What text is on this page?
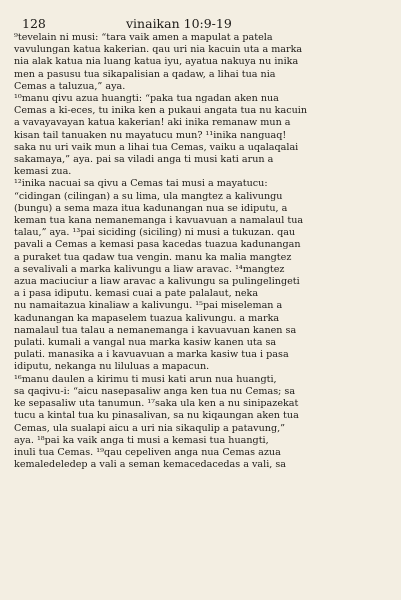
128	vinaikan 10:9-19

⁹tevelain ni musi: “tara vaik amen a mapulat a patela

vavulungan katua kakerian. qau uri nia kacuin uta a marka

nia alak katua nia luang katua iyu, ayatua nakuya nu inika

men a pasusu tua sikapalisian a qadaw, a lihai tua nia

Cemas a taluzua,” aya.

¹⁰manu qivu azua huangti: “paka tua ngadan aken nua

Cemas a ki-eces, tu inika ken a pukaui angata tua nu kacuin

a vavayavayan katua kakerian! aki inika remanaw mun a

kisan tail tanuaken nu mayatucu mun? ¹¹inika nanguaq!

saka nu uri vaik mun a lihai tua Cemas, vaiku a uqalaqalai

sakamaya,” aya. pai sa viladi anga ti musi kati arun a

kemasi zua.

¹²inika nacuai sa qivu a Cemas tai musi a mayatucu:

“cidingan (cilingan) a su lima, ula mangtez a kalivungu

(bungu) a sema maza itua kadunangan nua se idiputu, a

keman tua kana nemanemanga i kavuavuan a namalaul tua

talau,” aya. ¹³pai siciding (siciling) ni musi a tukuzan. qau

pavali a Cemas a kemasi pasa kacedas tuazua kadunangan

a puraket tua qadaw tua vengin. manu ka malia mangtez

a sevalivali a marka kalivungu a liaw aravac. ¹⁴mangtez

azua maciuciur a liaw aravac a kalivungu sa pulingelingeti

a i pasa idiputu. kemasi cuai a pate palalaut, neka

nu namaitazua kinaliaw a kalivungu. ¹⁵pai miseleman a

kadunangan ka mapaselem tuazua kalivungu. a marka

namalaul tua talau a nemanemanga i kavuavuan kanen sa

pulati. kumali a vangal nua marka kasiw kanen uta sa

pulati. manasika a i kavuavuan a marka kasiw tua i pasa

idiputu, nekanga nu liluluas a mapacun.

¹⁶manu daulen a kirimu ti musi kati arun nua huangti,

sa qaqivu-i: “aicu nasepasaliw anga ken tua nu Cemas; sa

ke sepasaliw uta tanumun. ¹⁷saka ula ken a nu sinipazekat

tucu a kintal tua ku pinasalivan, sa nu kiqaungan aken tua

Cemas, ula sualapi aicu a uri nia sikaqulip a patavung,”

aya. ¹⁸pai ka vaik anga ti musi a kemasi tua huangti,

inuli tua Cemas. ¹⁹qau cepeliven anga nua Cemas azua

kemaledeledep a vali a seman kemacedacedas a vali, sa
